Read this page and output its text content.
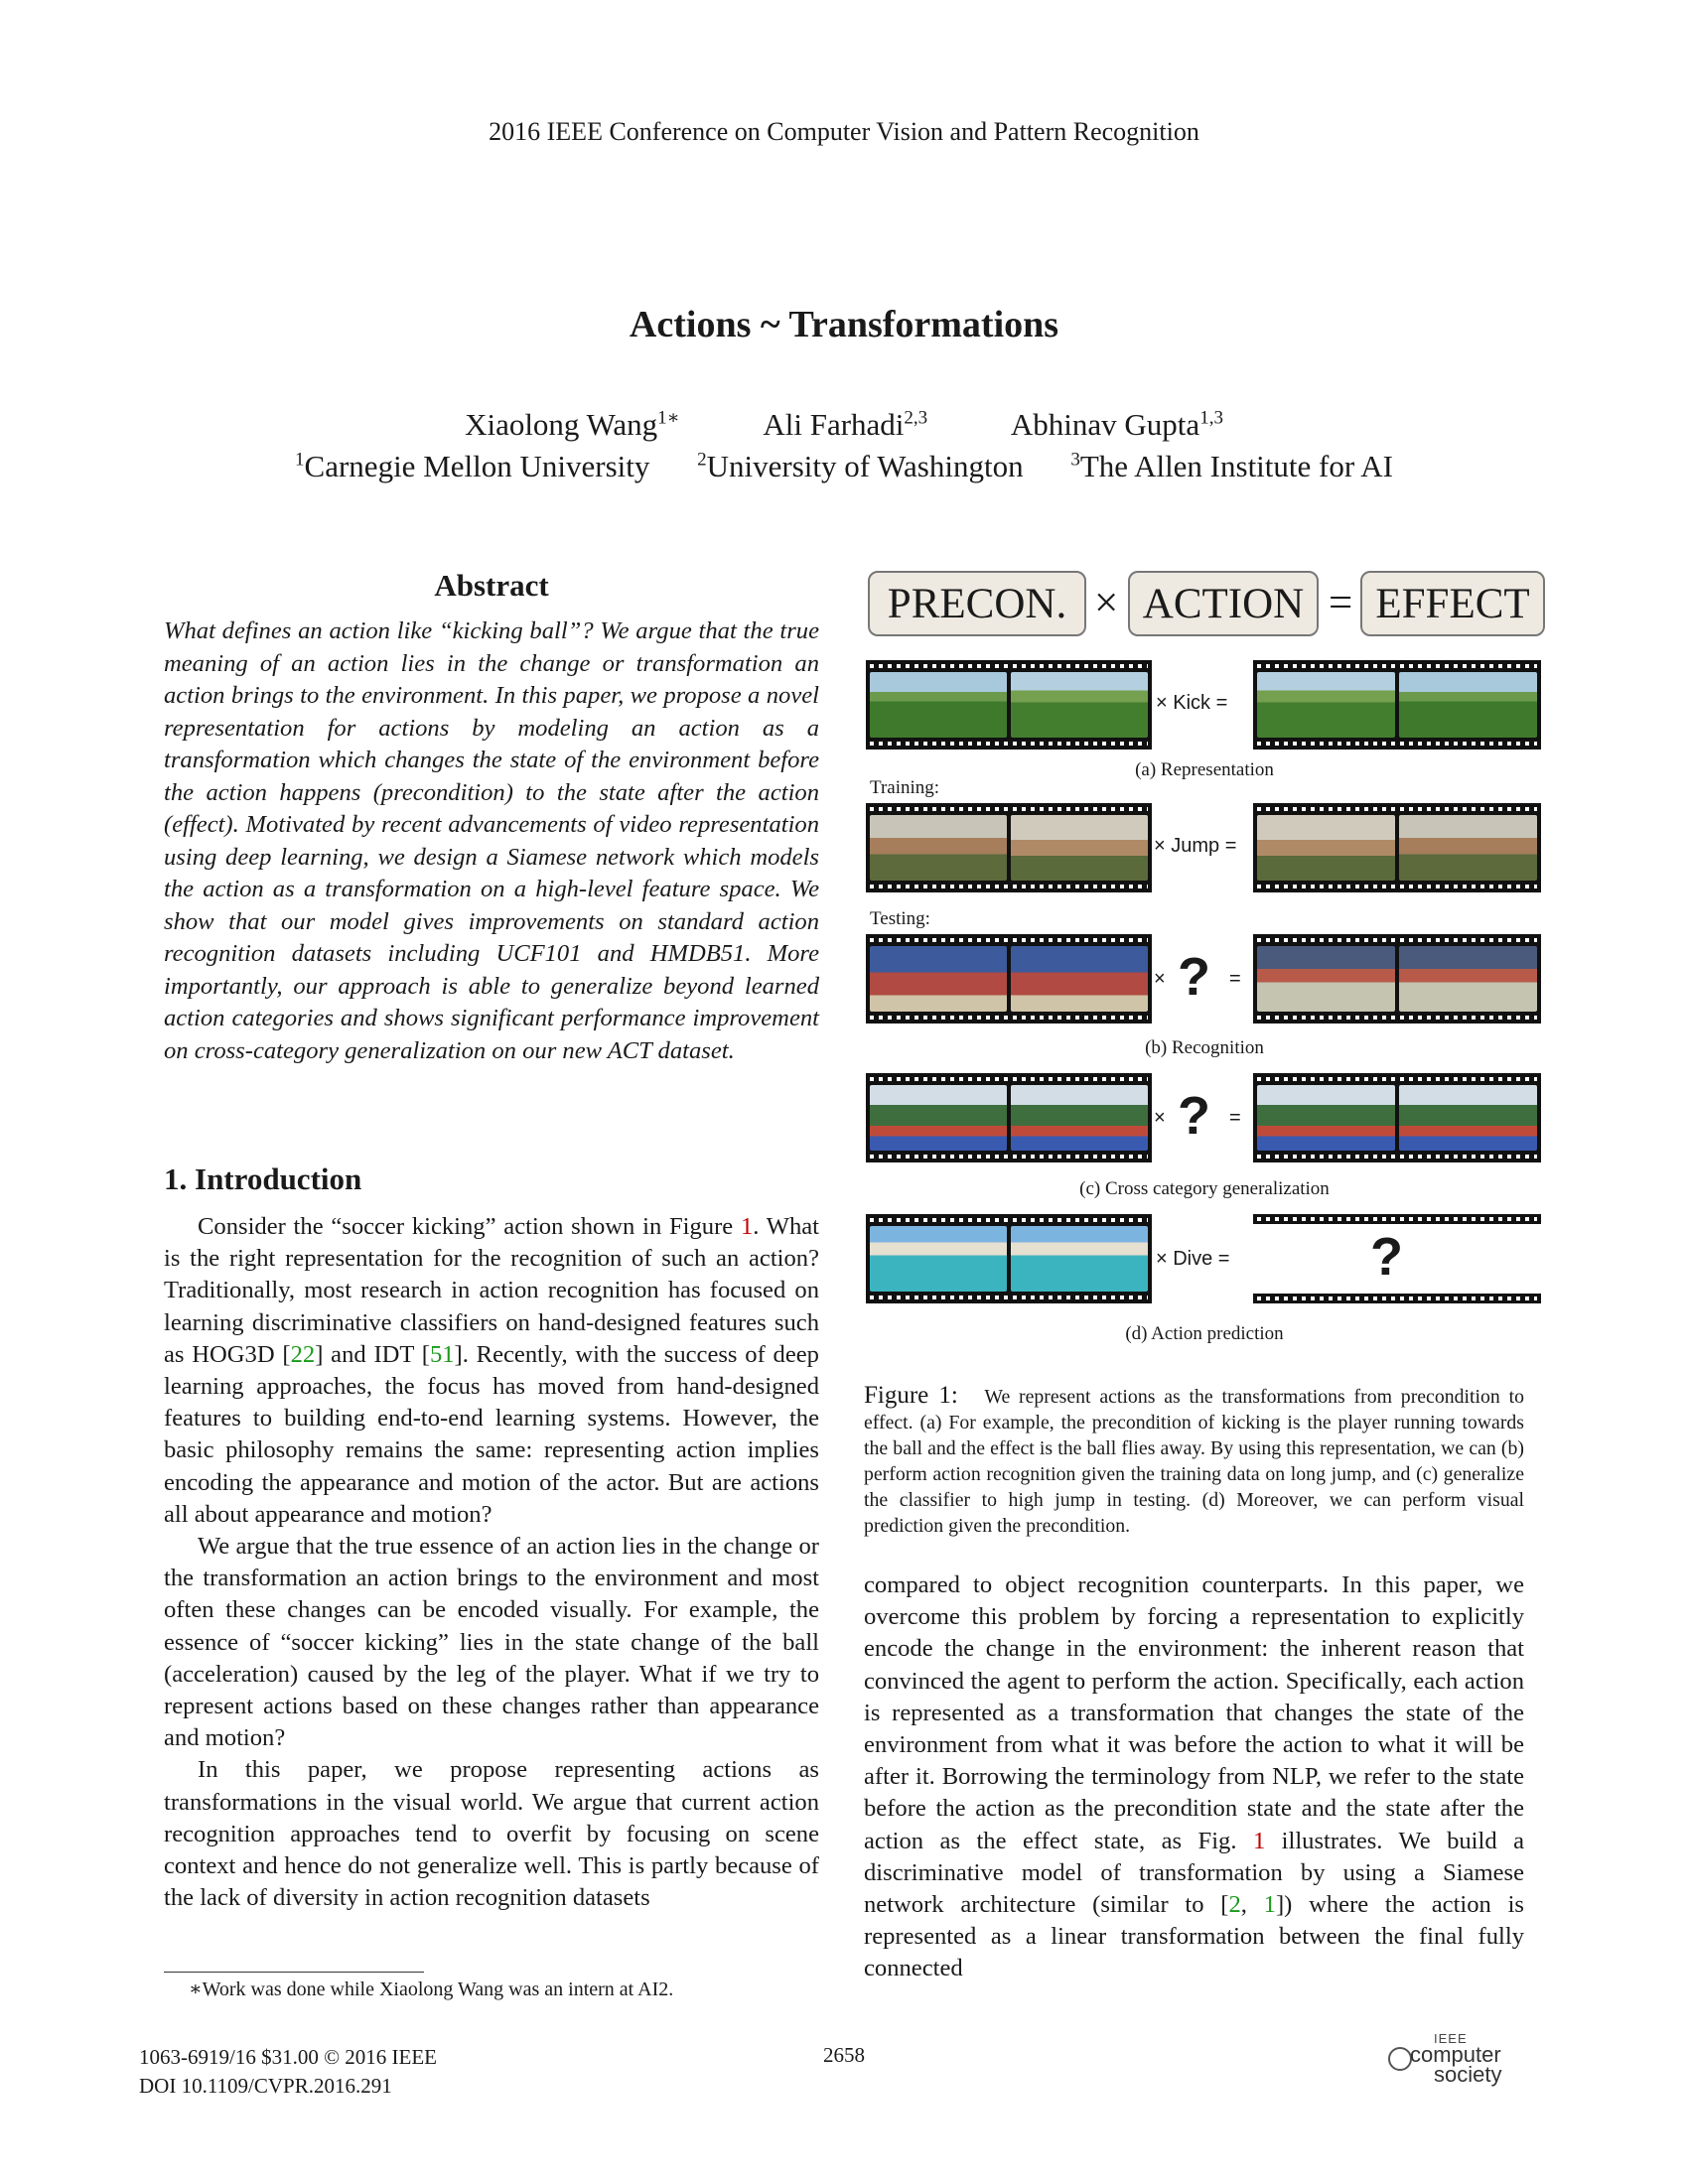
2016 IEEE Conference on Computer Vision and Pattern Recognition
Actions ~ Transformations
Xiaolong Wang$^{1∗}$	Ali Farhadi$^{2,3}$	Abhinav Gupta$^{1,3}$
$^1$Carnegie Mellon University	$^2$University of Washington	$^3$The Allen Institute for AI
Abstract
What defines an action like “kicking ball”? We argue that the true meaning of an action lies in the change or transformation an action brings to the environment. In this paper, we propose a novel representation for actions by modeling an action as a transformation which changes the state of the environment before the action happens (precondition) to the state after the action (effect). Motivated by recent advancements of video representation using deep learning, we design a Siamese network which models the action as a transformation on a high-level feature space. We show that our model gives improvements on standard action recognition datasets including UCF101 and HMDB51. More importantly, our approach is able to generalize beyond learned action categories and shows significant performance improvement on cross-category generalization on our new ACT dataset.
1. Introduction

Consider the “soccer kicking” action shown in Figure 1. What is the right representation for the recognition of such an action? Traditionally, most research in action recognition has focused on learning discriminative classifiers on hand-designed features such as HOG3D [22] and IDT [51]. Recently, with the success of deep learning approaches, the focus has moved from hand-designed features to building end-to-end learning systems. However, the basic philosophy remains the same: representing action implies encoding the appearance and motion of the actor. But are actions all about appearance and motion?

We argue that the true essence of an action lies in the change or the transformation an action brings to the environment and most often these changes can be encoded visually. For example, the essence of “soccer kicking” lies in the state change of the ball (acceleration) caused by the leg of the player. What if we try to represent actions based on these changes rather than appearance and motion?

In this paper, we propose representing actions as transformations in the visual world. We argue that current action recognition approaches tend to overfit by focusing on scene context and hence do not generalize well. This is partly because of the lack of diversity in action recognition datasets

∗Work was done while Xiaolong Wang was an intern at AI2.

compared to object recognition counterparts. In this paper, we overcome this problem by forcing a representation to explicitly encode the change in the environment: the inherent reason that convinced the agent to perform the action. Specifically, each action is represented as a transformation that changes the state of the environment from what it was before the action to what it will be after it. Borrowing the terminology from NLP, we refer to the state before the action as the precondition state and the state after the action as the effect state, as Fig. 1 illustrates. We build a discriminative model of transformation by using a Siamese network architecture (similar to [2, 1]) where the action is represented as a linear transformation between the final fully connected

PRECON. × ACTION = EFFECT
× Kick =
(a) Representation
Training:
× Jump =
Testing:
× ? =
(b) Recognition
× ? =
(c) Cross category generalization
× Dive =	?
(d) Action prediction
Figure 1: We represent actions as the transformations from precondition to effect. (a) For example, the precondition of kicking is the player running towards the ball and the effect is the ball flies away. By using this representation, we can (b) perform action recognition given the training data on long jump, and (c) generalize the classifier to high jump in testing. (d) Moreover, we can perform visual prediction given the precondition.
1063-6919/16 $31.00 © 2016 IEEE
DOI 10.1109/CVPR.2016.291
2658
IEEE
computer
society
